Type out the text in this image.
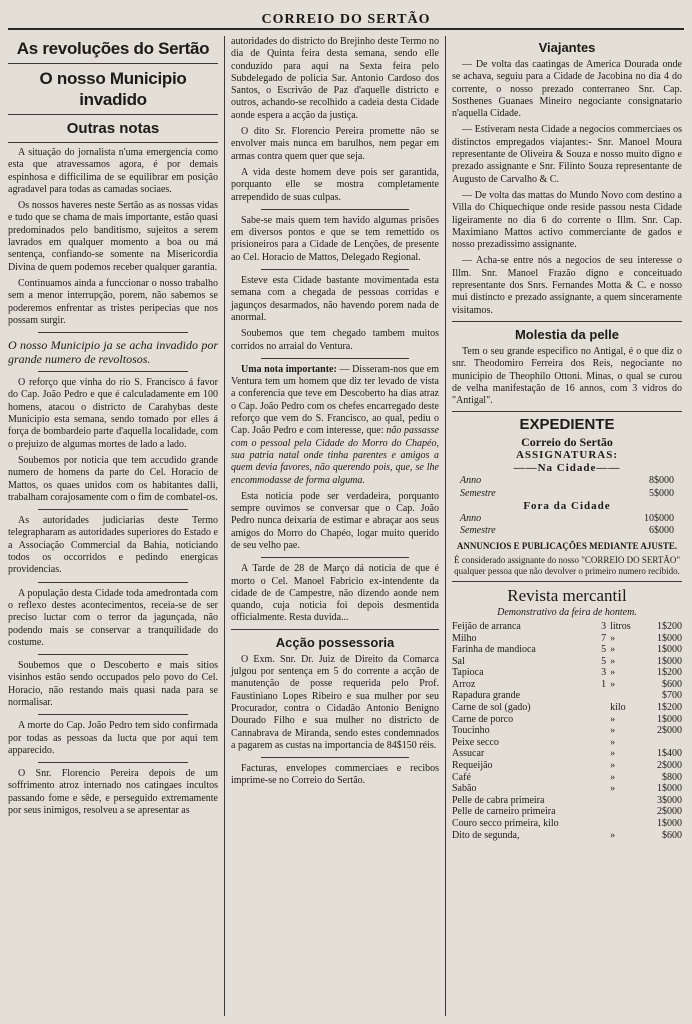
CORREIO DO SERTÃO
As revoluções do Sertão
O nosso Municipio invadido
Outras notas

A situação do jornalista n'uma emergencia como esta que atravessamos agora, é por demais espinhosa e difficilima de se equilibrar em posição agradavel para todas as camadas sociaes.

Os nossos haveres neste Sertão as as nossas vidas e tudo que se chama de mais importante, estão quasi predominados pelo banditismo, sujeitos a serem lavrados em qualquer momento a boa ou má sentença, confiando-se somente na Misericordia Divina de quem podemos receber qualquer garantia.

Continuamos ainda a funccionar o nosso trabalho sem a menor interrupção, porem, não sabemos se poderemos enfrentar as tristes peripecias que nos possam surgir.

O nosso Municipio ja se acha invadido por grande numero de revoltosos.

O reforço que vinha do rio S. Francisco á favor do Cap. João Pedro e que é calculadamente em 100 homens, atacou o districto de Carahybas deste Municipio esta semana, sendo tomado por elles á força de bombardeio parte d'aquella localidade, com o prejuizo de algumas mortes de lado a lado.

Soubemos por noticia que tem accudido grande numero de homens da parte do Cel. Horacio de Mattos, os quaes unidos com os habitantes dalli, trabalham corajosamente com o fim de combatel-os.

As autoridades judiciarias deste Termo telegrapharam as autoridades superiores do Estado e a Associação Commercial da Bahia, noticiando todos os occorridos e pedindo energicas providencias.

A população desta Cidade toda amedrontada com o reflexo destes acontecimentos, receia-se de ser preciso luctar com o terror da jagunçada, não podendo mais se conservar a tranquilidade do costume.

Soubemos que o Descoberto e mais sitios visinhos estão sendo occupados pelo povo do Cel. Horacio, não restando mais quasi nada para se normalisar.

A morte do Cap. João Pedro tem sido confirmada por todas as pessoas da lucta que por aqui tem apparecido.

O Snr. Florencio Pereira depois de um soffrimento atroz internado nos catingaes incultos passando fome e sêde, e perseguido extremamente por seus inimigos, resolveu a se apresentar as

autoridades do districto do Brejinho deste Termo no dia de Quinta feira desta semana, sendo elle conduzido para aqui na Sexta feira pelo Subdelegado de policia Sar. Antonio Cardoso dos Santos, o Escrivão de Paz d'aquelle districto e outros, achando-se recolhido a cadeia desta Cidade aonde espera a acção da justiça.

O dito Sr. Florencio Pereira promette não se envolver mais nunca em barulhos, nem pegar em armas contra quem quer que seja.

A vida deste homem deve pois ser garantida, porquanto elle se mostra completamente arrependido de suas culpas.

Sabe-se mais quem tem havido algumas prisões em diversos pontos e que se tem remettido os prisioneiros para a Cidade de Lenções, de presente ao Cel. Horacio de Mattos, Delegado Regional.

Esteve esta Cidade bastante movimentada esta semana com a chegada de pessoas corridas e jagunços desarmados, não havendo porem nada de anormal.

Soubemos que tem chegado tambem muitos corridos no arraial do Ventura.

Uma nota importante: — Disseram-nos que em Ventura tem um homem que diz ter levado de vista a conferencia que teve em Descoberto ha dias atraz o Cap. João Pedro com os chefes encarregado deste reforço que vem do S. Francisco, ao qual, pediu o Cap. João Pedro e com interesse, que: não passasse com o pessoal pela Cidade do Morro do Chapéo, sua patria natal onde tinha parentes e amigos a quem devia favores, não querendo pois, que, se lhe encommodasse de forma alguma.

Esta noticia pode ser verdadeira, porquanto sempre ouvimos se conversar que o Cap. João Pedro nunca deixaria de estimar e abraçar aos seus amigos do Morro do Chapéo, logar muito querido de seu velho pae.

A Tarde de 28 de Março dá noticia de que é morto o Cel. Manoel Fabricio ex-intendente da cidade de de Campestre, não dizendo aonde nem quando, cuja noticia foi depois desmentida officialmente. Resta duvida...

Acção possessoria

O Exm. Snr. Dr. Juiz de Direito da Comarca julgou por sentença em 5 do corrente a acção de manutenção de posse requerida pelo Prof. Faustiniano Lopes Ribeiro e sua mulher por seu Procurador, contra o Cidadão Antonio Benigno Dourado Filho e sua mulher no districto de Cannabrava de Miranda, sendo estes condemnados a pagarem as custas na importancia de 84$150 réis.

Facturas, envelopes commerciaes e recibos imprime-se no Correio do Sertão.

Viajantes

— De volta das caatingas de America Dourada onde se achava, seguiu para a Cidade de Jacobina no dia 4 do corrente, o nosso prezado conterraneo Snr. Cap. Sosthenes Guanaes Mineiro negociante consignatario n'aquella Cidade.

— Estiveram nesta Cidade a negocios commerciaes os distinctos empregados viajantes:- Snr. Manoel Moura representante de Oliveira & Souza e nosso muito digno e prezado assignante e Snr. Filinto Souza representante de Augusto de Carvalho & C.

— De volta das mattas do Mundo Novo com destino a Villa do Chiquechique onde reside passou nesta Cidade ligeiramente no dia 6 do corrente o Illm. Snr. Cap. Maximiano Mattos activo commerciante de gados e nosso prezadissimo assignante.

— Acha-se entre nós a negocios de seu interesse o Illm. Snr. Manoel Frazão digno e conceituado representante dos Snrs. Fernandes Motta & C. e nosso mui distincto e prezado assignante, a quem sinceramente visitamos.

Molestia da pelle

Tem o seu grande especifico no Antigal, é o que diz o snr. Theodomiro Ferreira dos Reis, negociante no municipio de Theophilo Ottoni. Minas, o qual se curou de velha manifestação de 16 annos, com 3 vidros do "Antigal".

EXPEDIENTE
Correio do Sertão
ASSIGNATURAS:
——Na Cidade——
Anno	8$000
Semestre	5$000
Fora da Cidade
Anno	10$000
Semestre	6$000
ANNUNCIOS E PUBLICAÇÕES MEDIANTE AJUSTE.
É considerado assignante do nosso "CORREIO DO SERTÃO" qualquer pessoa que não devolver o primeiro numero recibido.
Revista mercantil
Demonstrativo da feira de hontem.
Feijão de arranca	3	litros	1$200
Milho	7	»	1$000
Farinha de mandioca	5	»	1$000
Sal	5	»	1$000
Tapioca	3	»	1$200
Arroz	1	»	$600
Rapadura grande			$700
Carne de sol (gado)		kilo	1$200
Carne de porco		»	1$000
Toucinho		»	2$000
Peixe secco		»	
Assucar		»	1$400
Requeijão		»	2$000
Café		»	$800
Sabão		»	1$000
Pelle de cabra primeira			3$000
Pelle de carneiro primeira			2$000
Couro secco primeira, kilo			1$000
Dito de segunda,		»	$600
